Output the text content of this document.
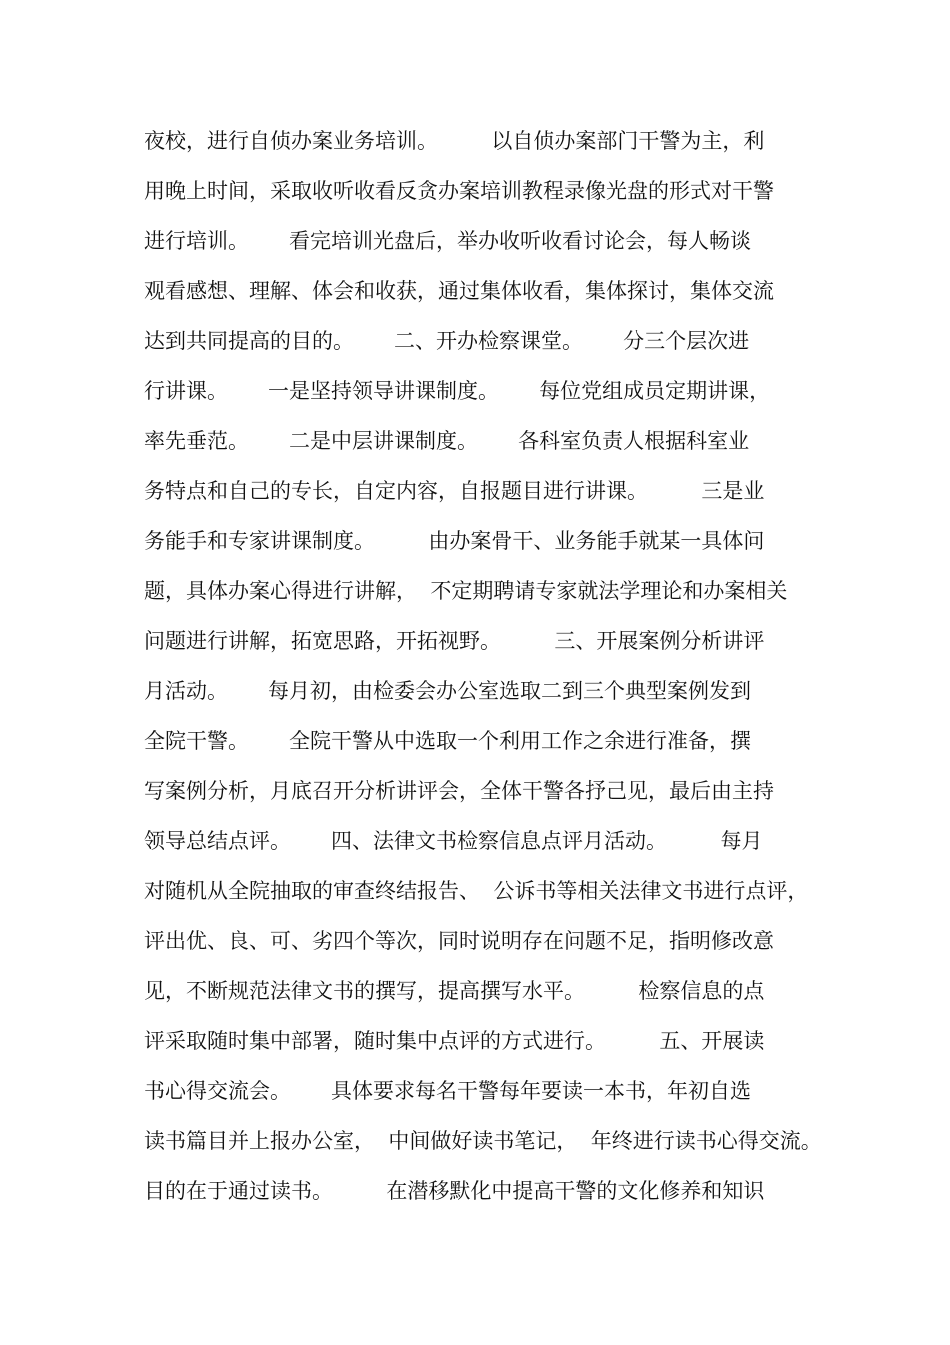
夜校，进行自侦办案业务培训。        以自侦办案部门干警为主，利
用晚上时间，采取收听收看反贪办案培训教程录像光盘的形式对干警
进行培训。      看完培训光盘后，举办收听收看讨论会，每人畅谈
观看感想、理解、体会和收获，通过集体收看，集体探讨，集体交流
达到共同提高的目的。      二、开办检察课堂。      分三个层次进
行讲课。      一是坚持领导讲课制度。      每位党组成员定期讲课，
率先垂范。      二是中层讲课制度。      各科室负责人根据科室业
务特点和自己的专长，自定内容，自报题目进行讲课。        三是业
务能手和专家讲课制度。        由办案骨干、业务能手就某一具体问
题，具体办案心得进行讲解，  不定期聘请专家就法学理论和办案相关
问题进行讲解，拓宽思路，开拓视野。        三、开展案例分析讲评
月活动。      每月初，由检委会办公室选取二到三个典型案例发到
全院干警。      全院干警从中选取一个利用工作之余进行准备，撰
写案例分析，月底召开分析讲评会，全体干警各抒己见，最后由主持
领导总结点评。      四、法律文书检察信息点评月活动。        每月
对随机从全院抽取的审查终结报告、  公诉书等相关法律文书进行点评，
评出优、良、可、劣四个等次，同时说明存在问题不足，指明修改意
见，不断规范法律文书的撰写，提高撰写水平。        检察信息的点
评采取随时集中部署，随时集中点评的方式进行。        五、开展读
书心得交流会。      具体要求每名干警每年要读一本书，年初自选
读书篇目并上报办公室，  中间做好读书笔记，  年终进行读书心得交流。
目的在于通过读书。        在潜移默化中提高干警的文化修养和知识
